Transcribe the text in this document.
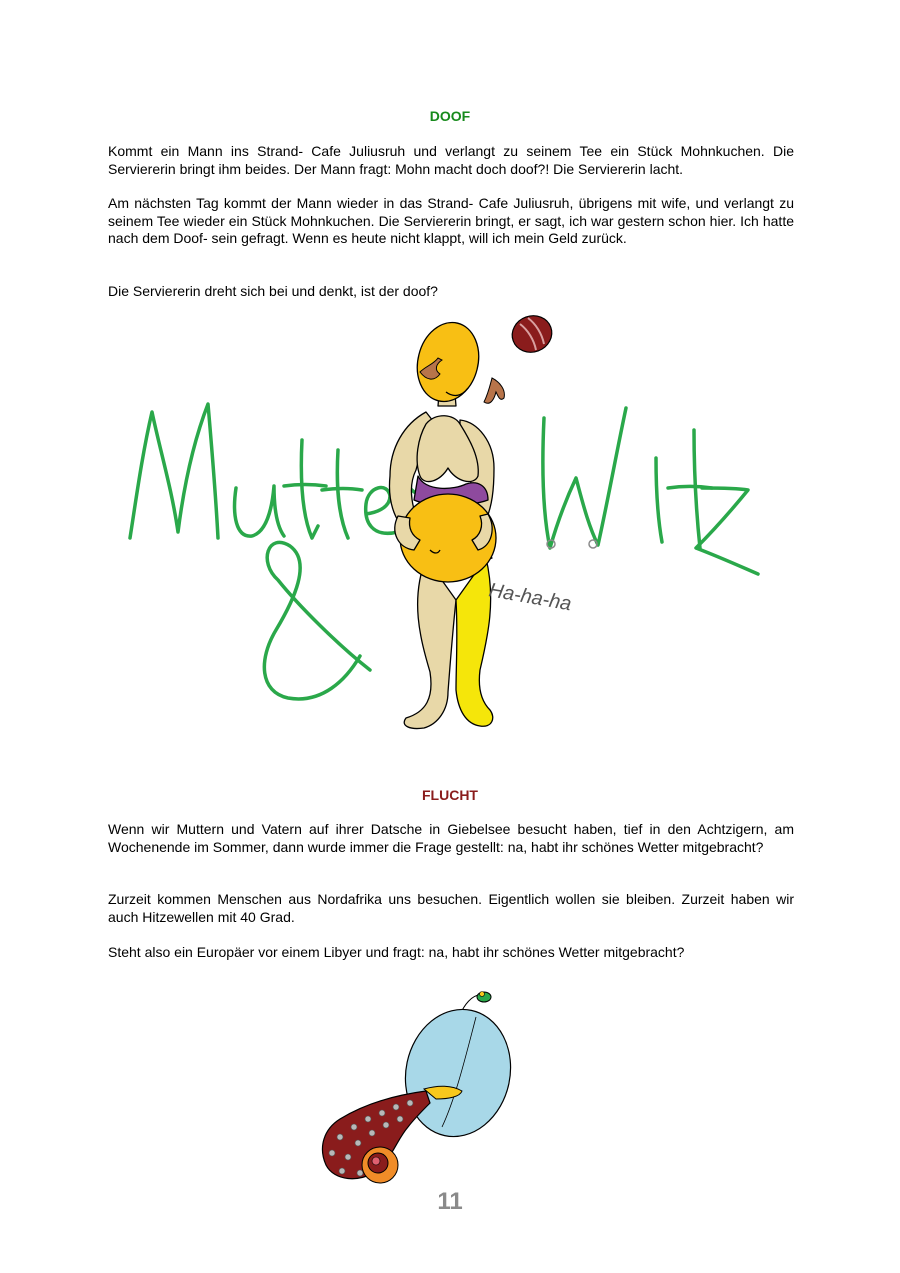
DOOF

Kommt ein Mann ins Strand- Cafe Juliusruh und verlangt zu seinem Tee ein Stück Mohnkuchen. Die Serviererin bringt ihm beides. Der Mann fragt: Mohn macht doch doof?! Die Serviererin lacht.

Am nächsten Tag kommt der Mann wieder in das Strand- Cafe Juliusruh, übrigens mit wife, und verlangt zu seinem Tee wieder ein Stück Mohnkuchen. Die Serviererin bringt, er sagt, ich war gestern schon hier. Ich hatte nach dem Doof- sein gefragt. Wenn es heute nicht klappt, will ich mein Geld zurück.

Die Serviererin dreht sich bei und denkt, ist der doof?

Ha-ha-ha
FLUCHT

Wenn wir Muttern und Vatern auf ihrer Datsche in Giebelsee besucht haben, tief in den Achtzigern, am Wochenende im Sommer, dann wurde immer die Frage gestellt: na, habt ihr schönes Wetter mitgebracht?

Zurzeit kommen Menschen aus Nordafrika uns besuchen. Eigentlich wollen sie bleiben. Zurzeit haben wir auch Hitzewellen mit 40 Grad.

Steht also ein Europäer vor einem Libyer und fragt: na, habt ihr schönes Wetter mitgebracht?

11
